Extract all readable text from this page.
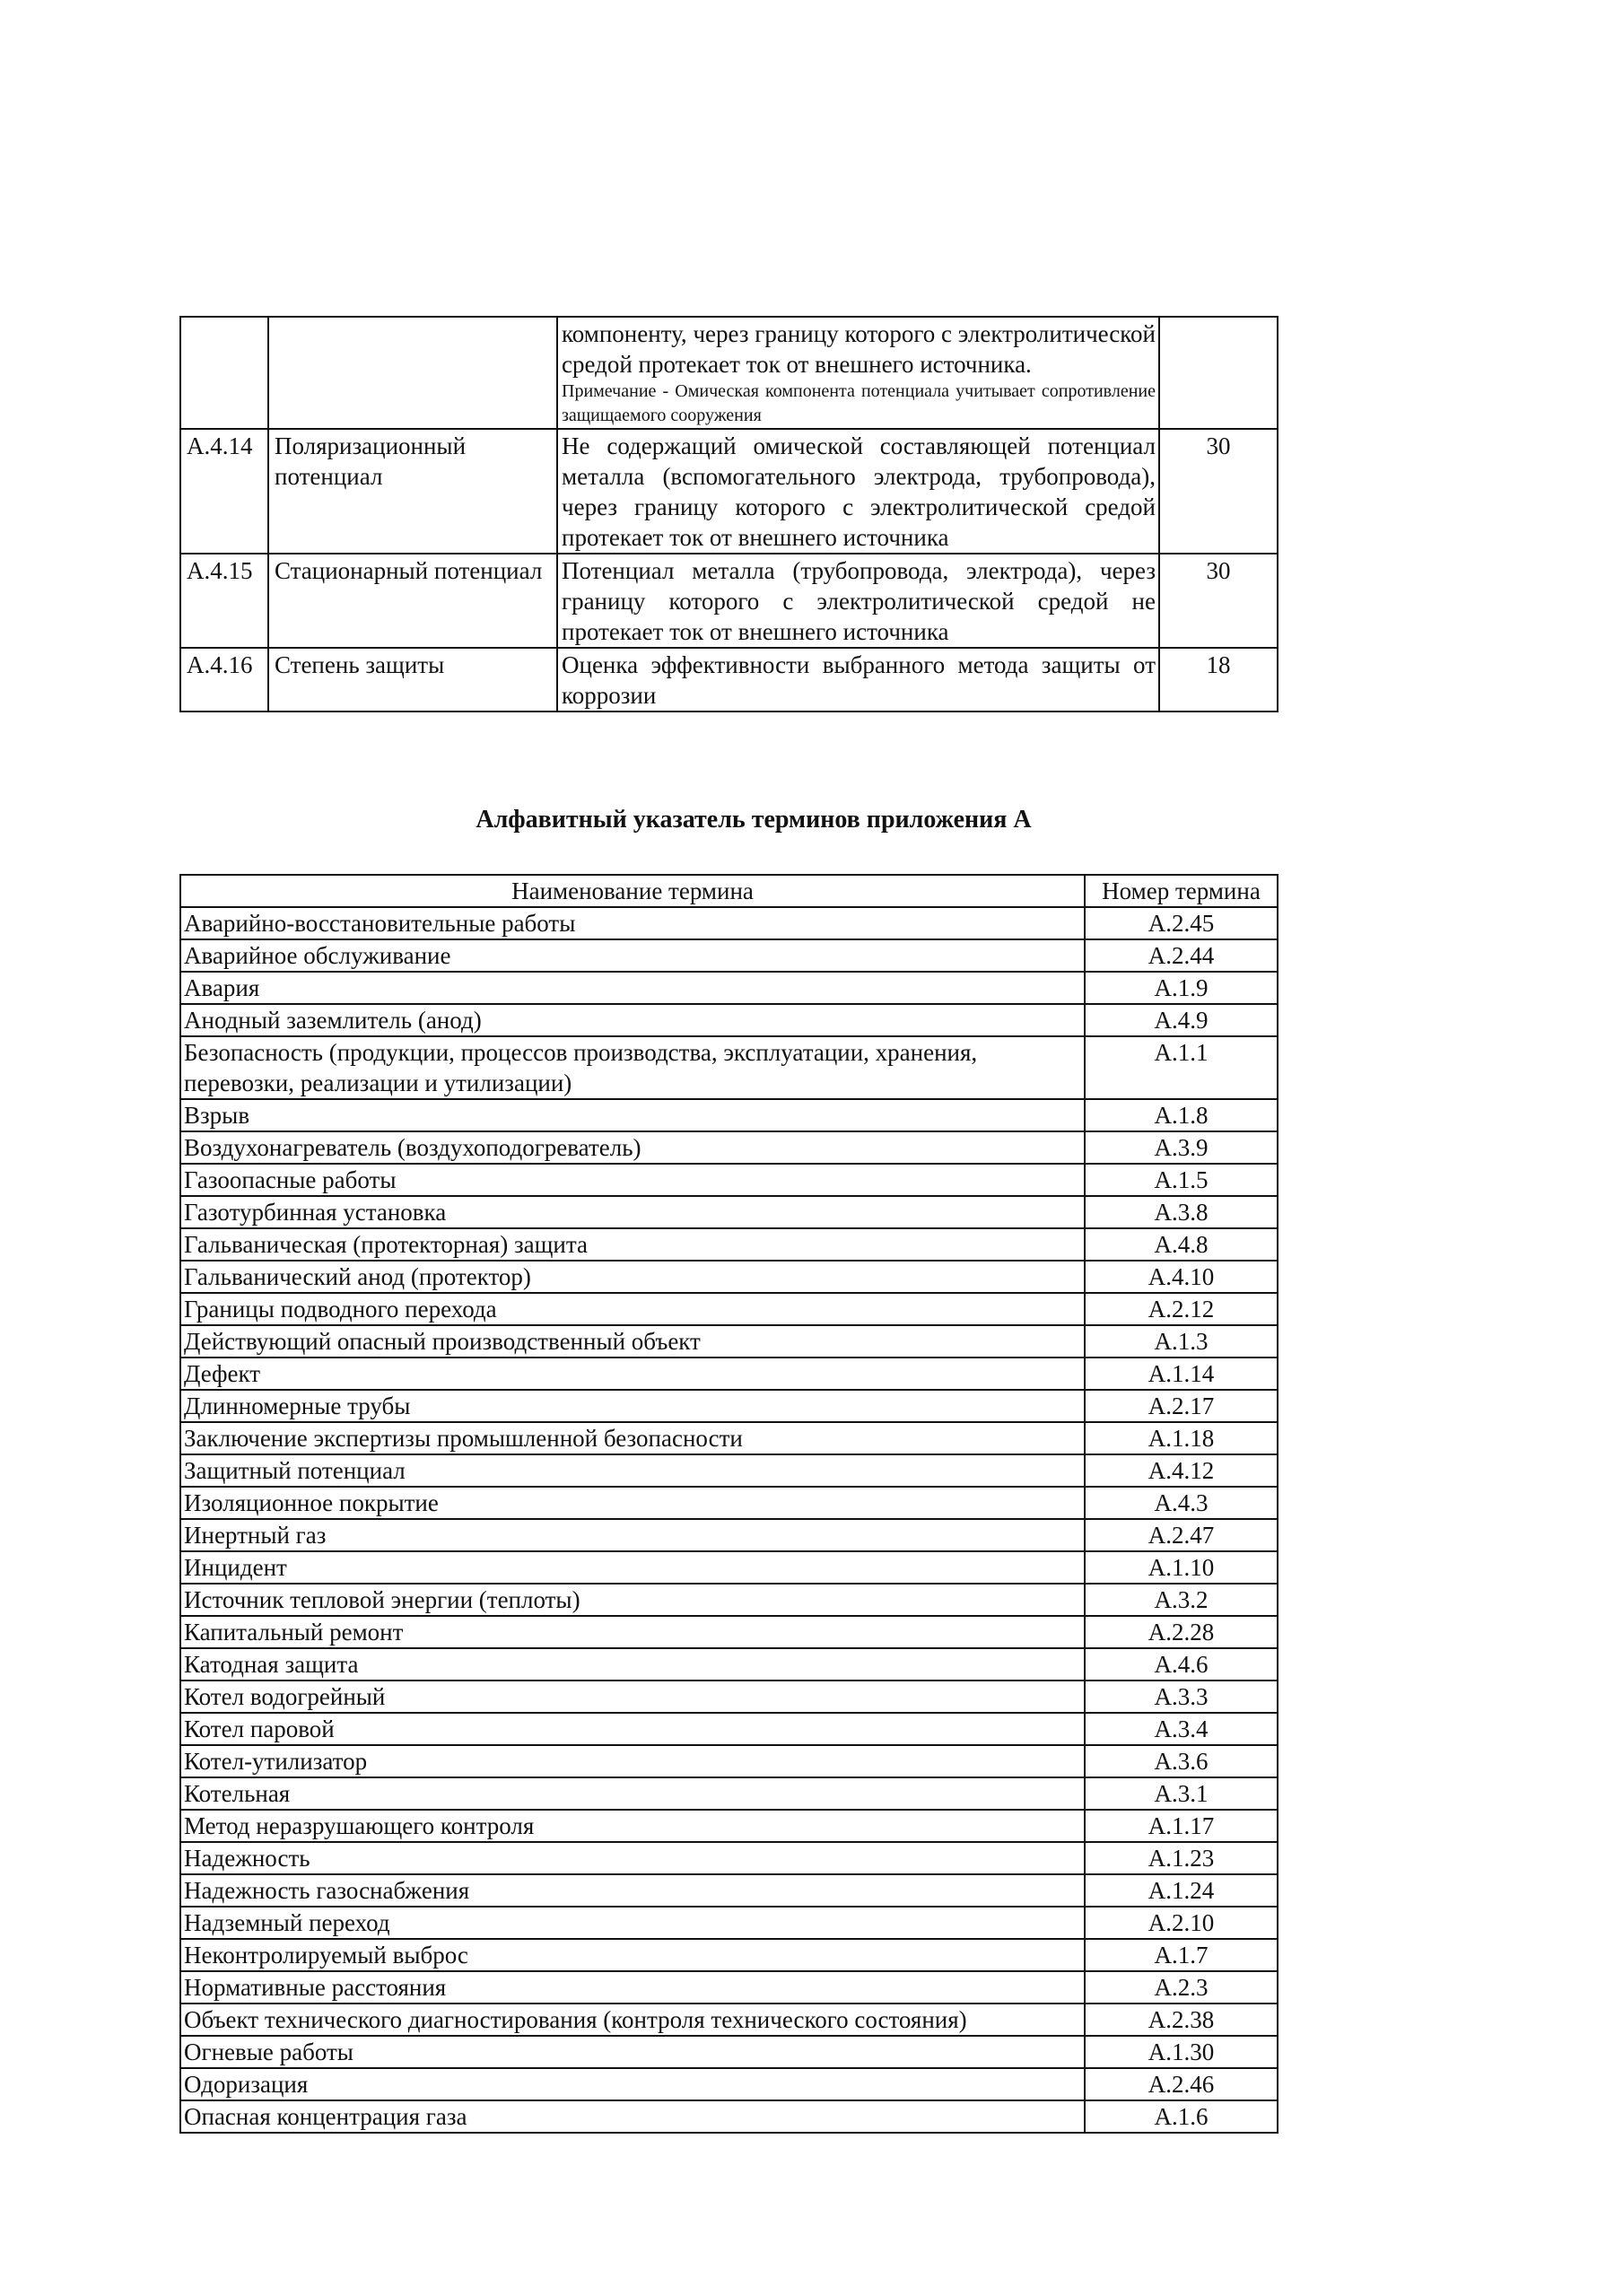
		компоненту, через границу которого с электролитической средой протекает ток от внешнего источника.
Примечание - Омическая компонента потенциала учитывает сопротивление защищаемого сооружения	

А.4.14	Поляризационный потенциал	Не содержащий омической составляющей потенциал металла (вспомогательного электрода, трубопровода), через границу которого с электролитической средой протекает ток от внешнего источника	30
А.4.15	Стационарный потенциал	Потенциал металла (трубопровода, электрода), через границу которого с электролитической средой не протекает ток от внешнего источника	30
А.4.16	Степень защиты	Оценка эффективности выбранного метода защиты от коррозии	18
Алфавитный указатель терминов приложения А
Наименование термина	Номер термина
Аварийно-восстановительные работы	А.2.45
Аварийное обслуживание	А.2.44
Авария	А.1.9
Анодный заземлитель (анод)	А.4.9
Безопасность (продукции, процессов производства, эксплуатации, хранения, перевозки, реализации и утилизации)	А.1.1
Взрыв	А.1.8
Воздухонагреватель (воздухоподогреватель)	А.3.9
Газоопасные работы	А.1.5
Газотурбинная установка	А.3.8
Гальваническая (протекторная) защита	А.4.8
Гальванический анод (протектор)	А.4.10
Границы подводного перехода	А.2.12
Действующий опасный производственный объект	А.1.3
Дефект	А.1.14
Длинномерные трубы	А.2.17
Заключение экспертизы промышленной безопасности	А.1.18
Защитный потенциал	А.4.12
Изоляционное покрытие	А.4.3
Инертный газ	А.2.47
Инцидент	А.1.10
Источник тепловой энергии (теплоты)	А.3.2
Капитальный ремонт	А.2.28
Катодная защита	А.4.6
Котел водогрейный	А.3.3
Котел паровой	А.3.4
Котел-утилизатор	А.3.6
Котельная	А.3.1
Метод неразрушающего контроля	А.1.17
Надежность	А.1.23
Надежность газоснабжения	А.1.24
Надземный переход	А.2.10
Неконтролируемый выброс	А.1.7
Нормативные расстояния	А.2.3
Объект технического диагностирования (контроля технического состояния)	А.2.38
Огневые работы	А.1.30
Одоризация	А.2.46
Опасная концентрация газа	А.1.6
